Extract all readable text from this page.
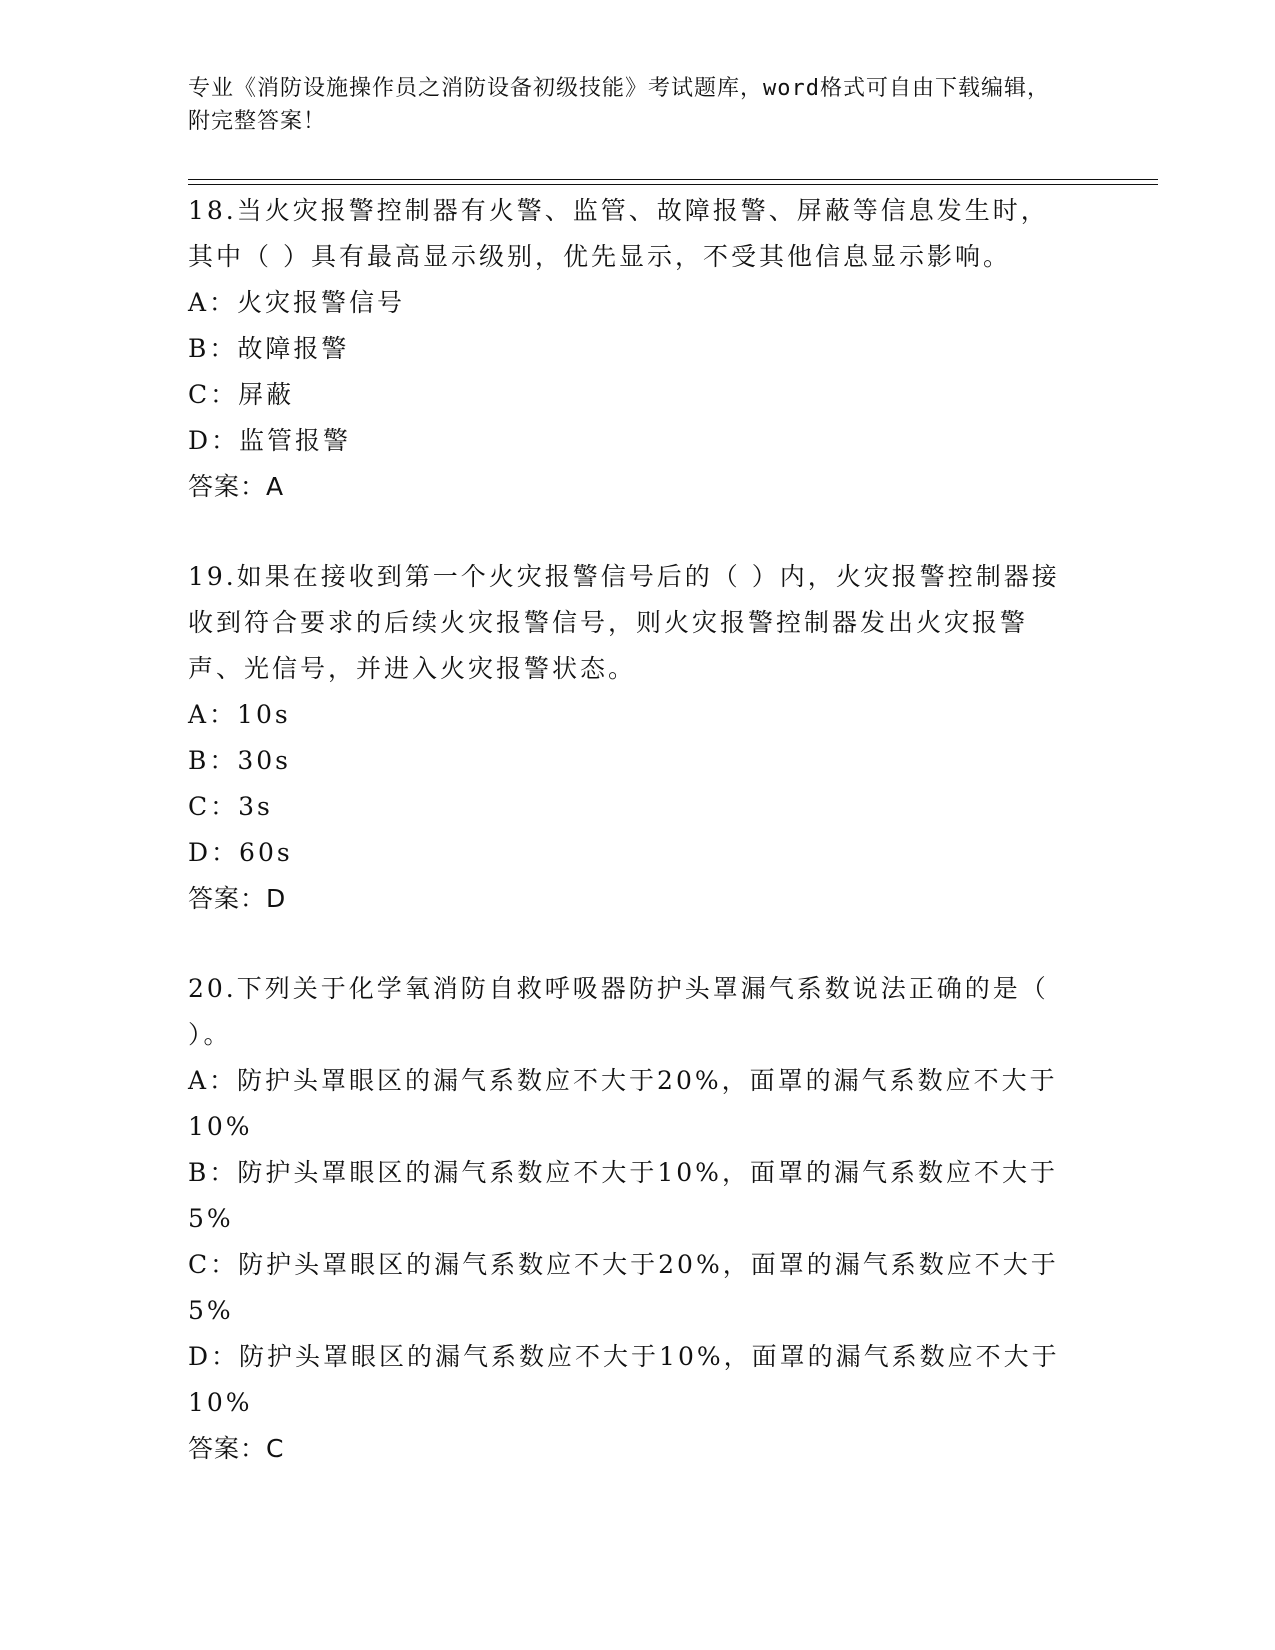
专业《消防设施操作员之消防设备初级技能》考试题库，word格式可自由下载编辑，附完整答案！

18.当火灾报警控制器有火警、监管、故障报警、屏蔽等信息发生时，其中（ ）具有最高显示级别，优先显示，不受其他信息显示影响。

A：火灾报警信号

B：故障报警

C：屏蔽

D：监管报警

答案：A

19.如果在接收到第一个火灾报警信号后的（ ）内，火灾报警控制器接收到符合要求的后续火灾报警信号，则火灾报警控制器发出火灾报警声、光信号，并进入火灾报警状态。

A：10s

B：30s

C：3s

D：60s

答案：D

20.下列关于化学氧消防自救呼吸器防护头罩漏气系数说法正确的是（ ）。

A：防护头罩眼区的漏气系数应不大于20%，面罩的漏气系数应不大于10%

B：防护头罩眼区的漏气系数应不大于10%，面罩的漏气系数应不大于5%

C：防护头罩眼区的漏气系数应不大于20%，面罩的漏气系数应不大于5%

D：防护头罩眼区的漏气系数应不大于10%，面罩的漏气系数应不大于10%

答案：C
